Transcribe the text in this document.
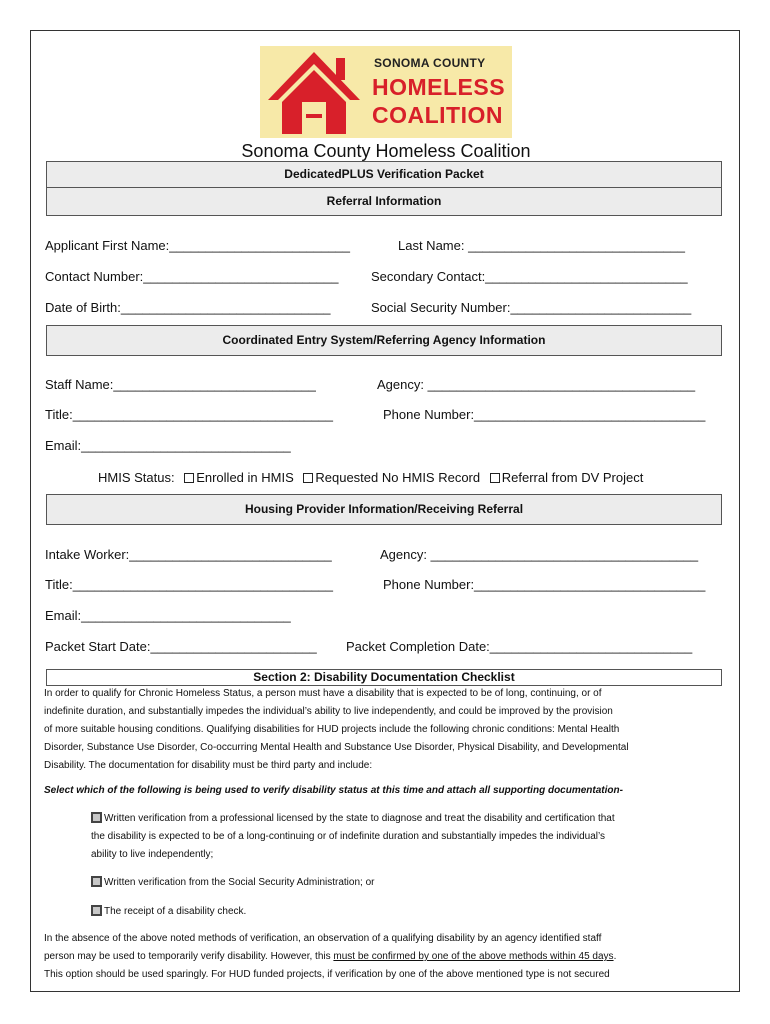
SONOMA COUNTY
HOMELESS
COALITION
Sonoma County Homeless Coalition
DedicatedPLUS Verification Packet
Referral Information
Applicant First Name:_________________________	Last Name: ______________________________
Contact Number:___________________________	Secondary Contact:____________________________
Date of Birth:_____________________________	Social Security Number:_________________________
Coordinated Entry System/Referring Agency Information
Staff Name:____________________________	Agency: _____________________________________
Title:____________________________________	Phone Number:________________________________
Email:_____________________________
HMIS Status: Enrolled in HMIS Requested No HMIS Record Referral from DV Project
Housing Provider Information/Receiving Referral
Intake Worker:____________________________	Agency: _____________________________________
Title:____________________________________	Phone Number:________________________________
Email:_____________________________
Packet Start Date:_______________________ Packet Completion Date:____________________________
Section 2: Disability Documentation Checklist
In order to qualify for Chronic Homeless Status, a person must have a disability that is expected to be of long, continuing, or of
indefinite duration, and substantially impedes the individual’s ability to live independently, and could be improved by the provision
of more suitable housing conditions. Qualifying disabilities for HUD projects include the following chronic conditions: Mental Health
Disorder, Substance Use Disorder, Co-occurring Mental Health and Substance Use Disorder, Physical Disability, and Developmental
Disability. The documentation for disability must be third party and include:
Select which of the following is being used to verify disability status at this time and attach all supporting documentation-
Written verification from a professional licensed by the state to diagnose and treat the disability and certification that
the disability is expected to be of a long-continuing or of indefinite duration and substantially impedes the individual’s
ability to live independently;
Written verification from the Social Security Administration; or
The receipt of a disability check.
In the absence of the above noted methods of verification, an observation of a qualifying disability by an agency identified staff
person may be used to temporarily verify disability. However, this must be confirmed by one of the above methods within 45 days.
This option should be used sparingly. For HUD funded projects, if verification by one of the above mentioned type is not secured
